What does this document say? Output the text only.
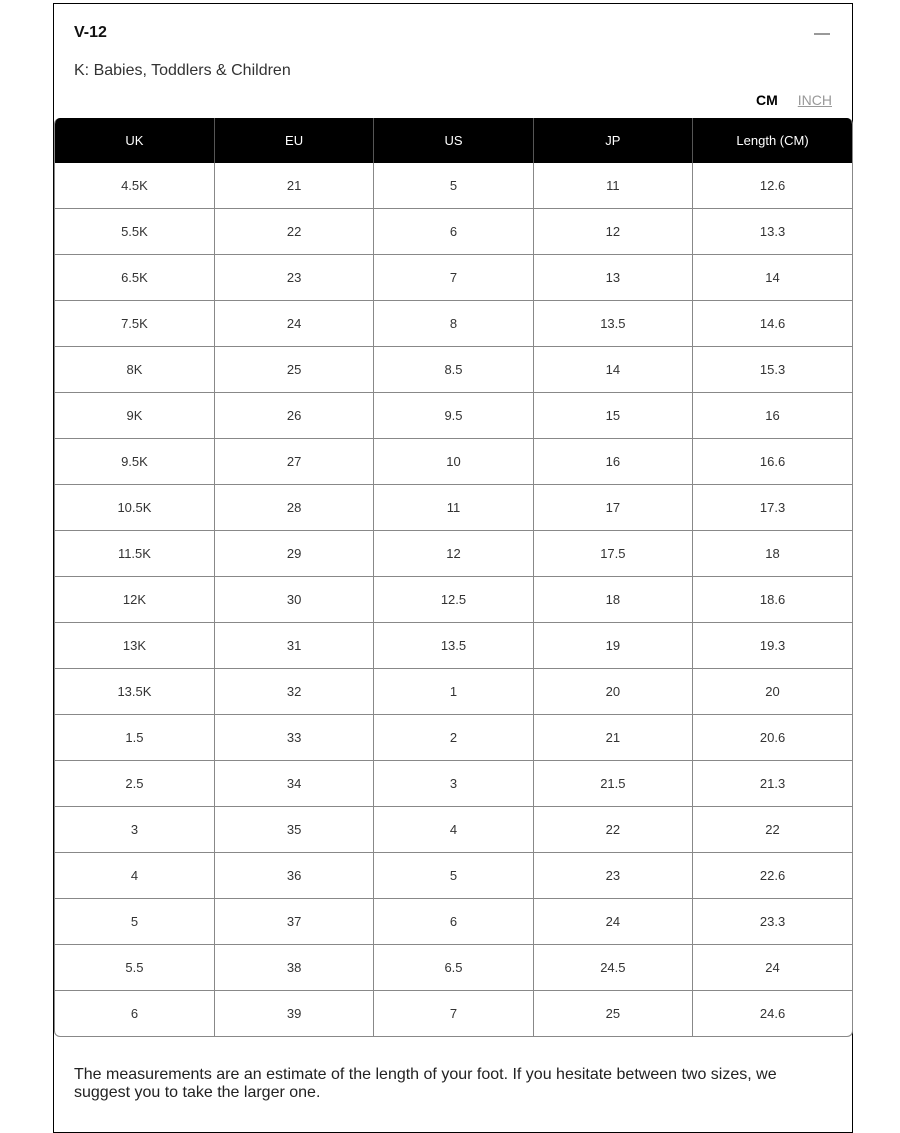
V-12
K: Babies, Toddlers & Children
CM INCH
UK	EU	US	JP	Length (CM)
4.5K	21	5	11	12.6
5.5K	22	6	12	13.3
6.5K	23	7	13	14
7.5K	24	8	13.5	14.6
8K	25	8.5	14	15.3
9K	26	9.5	15	16
9.5K	27	10	16	16.6
10.5K	28	11	17	17.3
11.5K	29	12	17.5	18
12K	30	12.5	18	18.6
13K	31	13.5	19	19.3
13.5K	32	1	20	20
1.5	33	2	21	20.6
2.5	34	3	21.5	21.3
3	35	4	22	22
4	36	5	23	22.6
5	37	6	24	23.3
5.5	38	6.5	24.5	24
6	39	7	25	24.6
The measurements are an estimate of the length of your foot. If you hesitate between two sizes, we suggest you to take the larger one.
